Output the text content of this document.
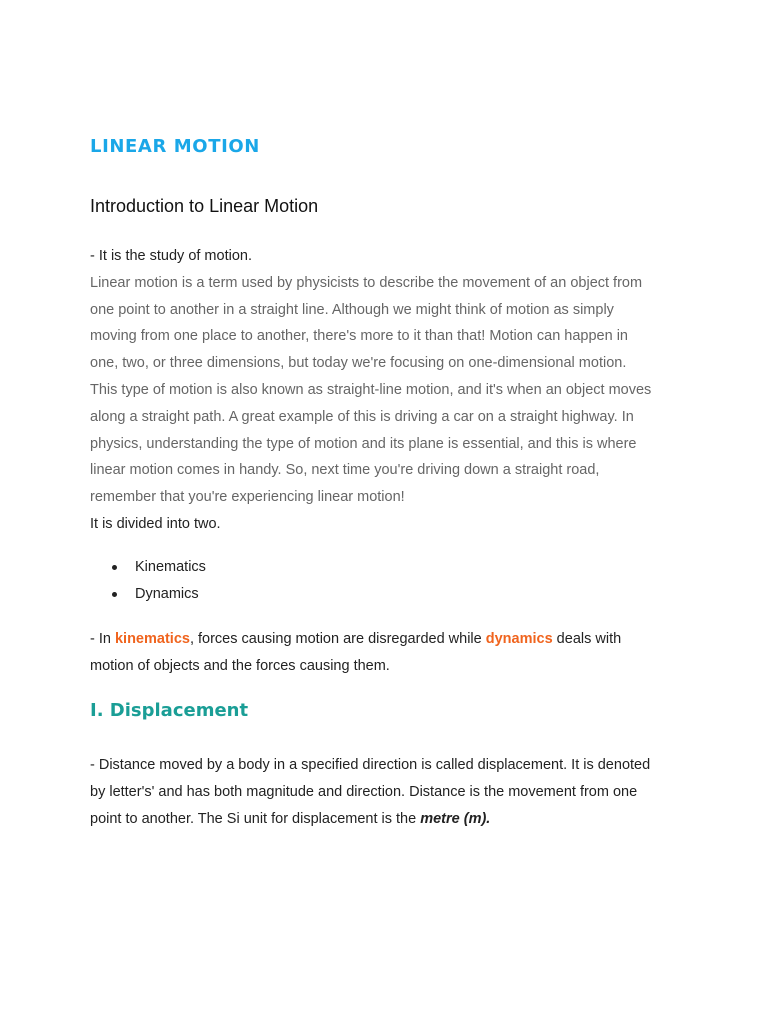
LINEAR MOTION
Introduction to Linear Motion
- It is the study of motion.
Linear motion is a term used by physicists to describe the movement of an object from
one point to another in a straight line. Although we might think of motion as simply
moving from one place to another, there's more to it than that! Motion can happen in
one, two, or three dimensions, but today we're focusing on one-dimensional motion.
This type of motion is also known as straight-line motion, and it's when an object moves
along a straight path. A great example of this is driving a car on a straight highway. In
physics, understanding the type of motion and its plane is essential, and this is where
linear motion comes in handy. So, next time you're driving down a straight road,
remember that you're experiencing linear motion!
It is divided into two.
Kinematics
Dynamics
- In kinematics, forces causing motion are disregarded while dynamics deals with
motion of objects and the forces causing them.
I. Displacement
- Distance moved by a body in a specified direction is called displacement. It is denoted
by letter's' and has both magnitude and direction. Distance is the movement from one
point to another. The Si unit for displacement is the metre (m).
